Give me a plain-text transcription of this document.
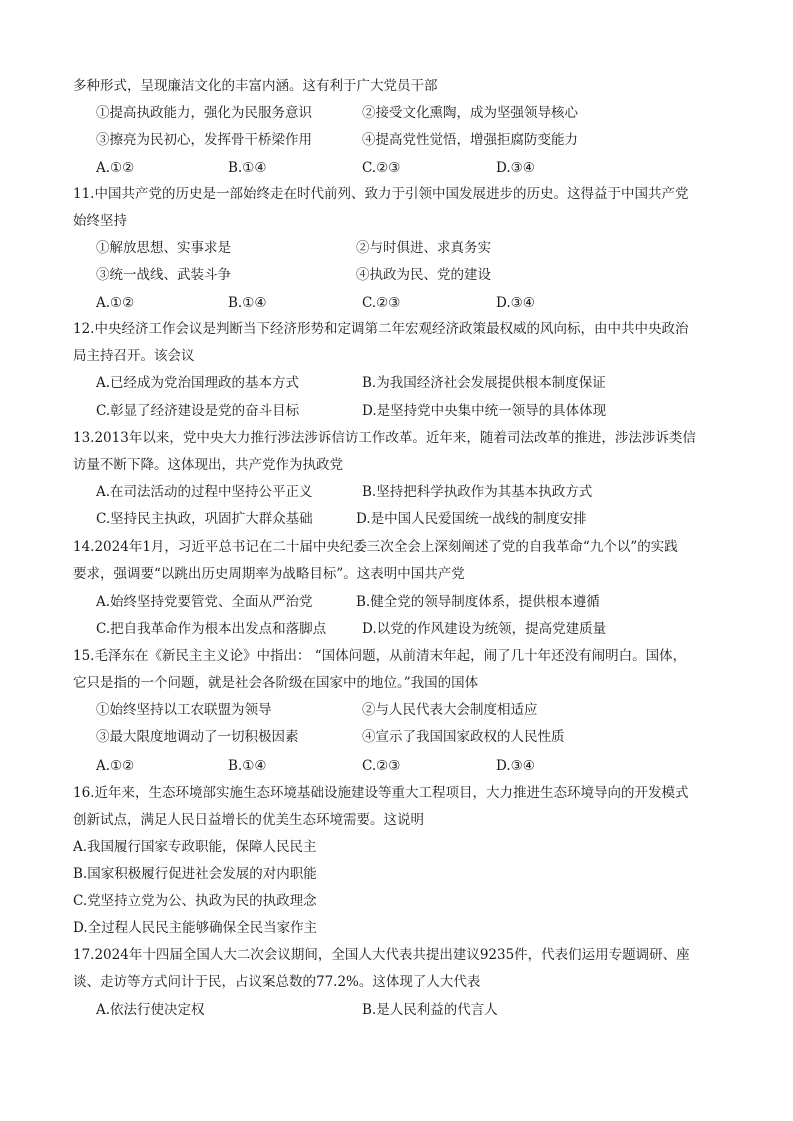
多种形式，呈现廉洁文化的丰富内涵。这有利于广大党员干部
①提高执政能力，强化为民服务意识	②接受文化熏陶，成为坚强领导核心
③擦亮为民初心，发挥骨干桥梁作用	④提高党性觉悟，增强拒腐防变能力
A.①②	B.①④	C.②③	D.③④
11.中国共产党的历史是一部始终走在时代前列、致力于引领中国发展进步的历史。这得益于中国共产党
始终坚持
①解放思想、实事求是	②与时俱进、求真务实
③统一战线、武装斗争	④执政为民、党的建设
A.①②	B.①④	C.②③	D.③④
12.中央经济工作会议是判断当下经济形势和定调第二年宏观经济政策最权威的风向标，由中共中央政治
局主持召开。该会议
A.已经成为党治国理政的基本方式	B.为我国经济社会发展提供根本制度保证
C.彰显了经济建设是党的奋斗目标	D.是坚持党中央集中统一领导的具体体现
13.2013年以来，党中央大力推行涉法涉诉信访工作改革。近年来，随着司法改革的推进，涉法涉诉类信
访量不断下降。这体现出，共产党作为执政党
A.在司法活动的过程中坚持公平正义	B.坚持把科学执政作为其基本执政方式
C.坚持民主执政，巩固扩大群众基础	D.是中国人民爱国统一战线的制度安排
14.2024年1月，习近平总书记在二十届中央纪委三次全会上深刻阐述了党的自我革命“九个以”的实践
要求，强调要“以跳出历史周期率为战略目标”。这表明中国共产党
A.始终坚持党要管党、全面从严治党	B.健全党的领导制度体系，提供根本遵循
C.把自我革命作为根本出发点和落脚点	D.以党的作风建设为统领，提高党建质量
15.毛泽东在《新民主主义论》中指出： “国体问题，从前清末年起，闹了几十年还没有闹明白。国体，
它只是指的一个问题，就是社会各阶级在国家中的地位。”我国的国体
①始终坚持以工农联盟为领导	②与人民代表大会制度相适应
③最大限度地调动了一切积极因素	④宣示了我国国家政权的人民性质
A.①②	B.①④	C.②③	D.③④
16.近年来，生态环境部实施生态环境基础设施建设等重大工程项目，大力推进生态环境导向的开发模式
创新试点，满足人民日益增长的优美生态环境需要。这说明
A.我国履行国家专政职能，保障人民民主
B.国家积极履行促进社会发展的对内职能
C.党坚持立党为公、执政为民的执政理念
D.全过程人民民主能够确保全民当家作主
17.2024年十四届全国人大二次会议期间，全国人大代表共提出建议9235件，代表们运用专题调研、座
谈、走访等方式问计于民，占议案总数的77.2%。这体现了人大代表
A.依法行使决定权	B.是人民利益的代言人
